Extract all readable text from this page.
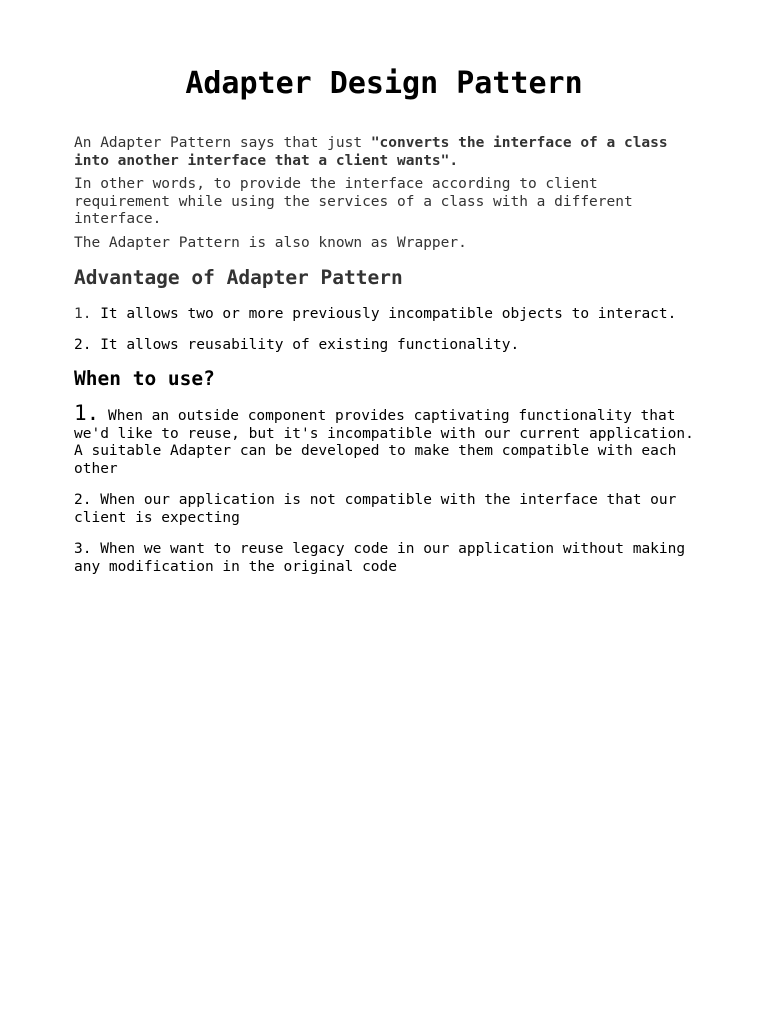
Adapter Design Pattern

An Adapter Pattern says that just "converts the interface of a class into another interface that a client wants".

In other words, to provide the interface according to client requirement while using the services of a class with a different interface.

The Adapter Pattern is also known as Wrapper.

Advantage of Adapter Pattern

1. It allows two or more previously incompatible objects to interact.

2. It allows reusability of existing functionality.

When to use?

1. When an outside component provides captivating functionality that we'd like to reuse, but it's incompatible with our current application. A suitable Adapter can be developed to make them compatible with each other

2. When our application is not compatible with the interface that our client is expecting

3. When we want to reuse legacy code in our application without making any modification in the original code
